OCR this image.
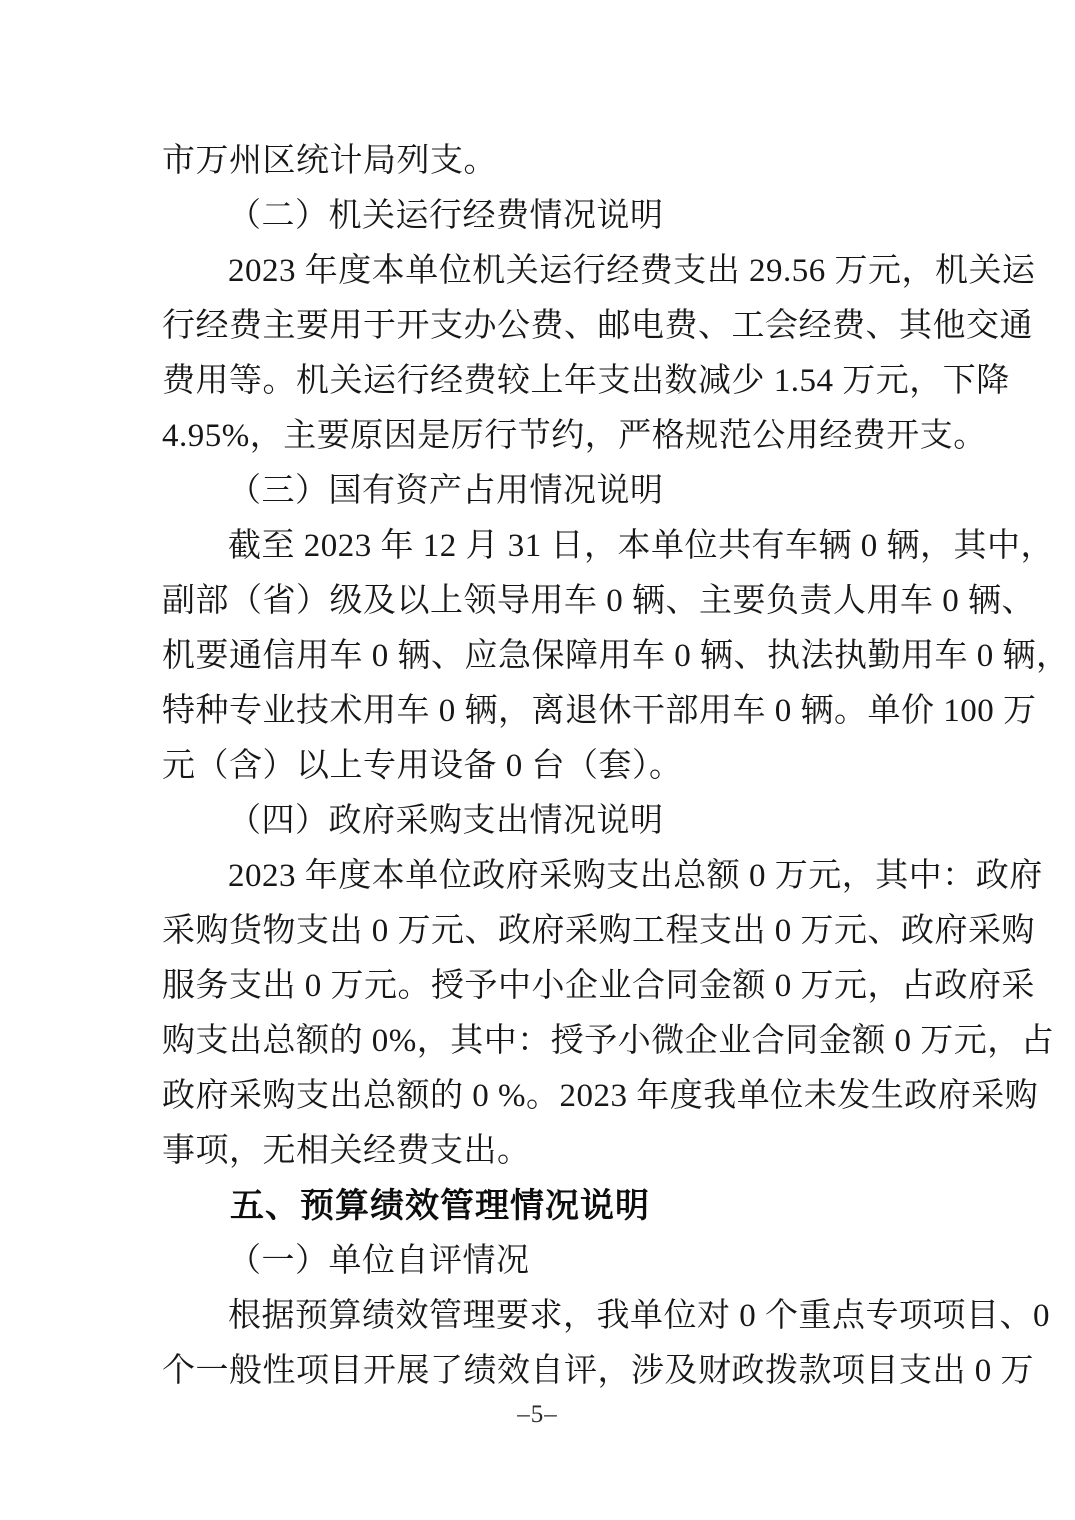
市万州区统计局列支。
（二）机关运行经费情况说明
2023 年度本单位机关运行经费支出 29.56 万元，机关运
行经费主要用于开支办公费、邮电费、工会经费、其他交通
费用等。机关运行经费较上年支出数减少 1.54 万元，下降
4.95%，主要原因是厉行节约，严格规范公用经费开支。
（三）国有资产占用情况说明
截至 2023 年 12 月 31 日，本单位共有车辆 0 辆，其中，
副部（省）级及以上领导用车 0 辆、主要负责人用车 0 辆、
机要通信用车 0 辆、应急保障用车 0 辆、执法执勤用车 0 辆，
特种专业技术用车 0 辆，离退休干部用车 0 辆。单价 100 万
元（含）以上专用设备 0 台（套）。
（四）政府采购支出情况说明
2023 年度本单位政府采购支出总额 0 万元，其中：政府
采购货物支出 0 万元、政府采购工程支出 0 万元、政府采购
服务支出 0 万元。授予中小企业合同金额 0 万元，占政府采
购支出总额的 0%，其中：授予小微企业合同金额 0 万元，占
政府采购支出总额的 0 %。2023 年度我单位未发生政府采购
事项，无相关经费支出。
五、预算绩效管理情况说明
（一）单位自评情况
根据预算绩效管理要求，我单位对 0 个重点专项项目、0
个一般性项目开展了绩效自评，涉及财政拨款项目支出 0 万
–5–
